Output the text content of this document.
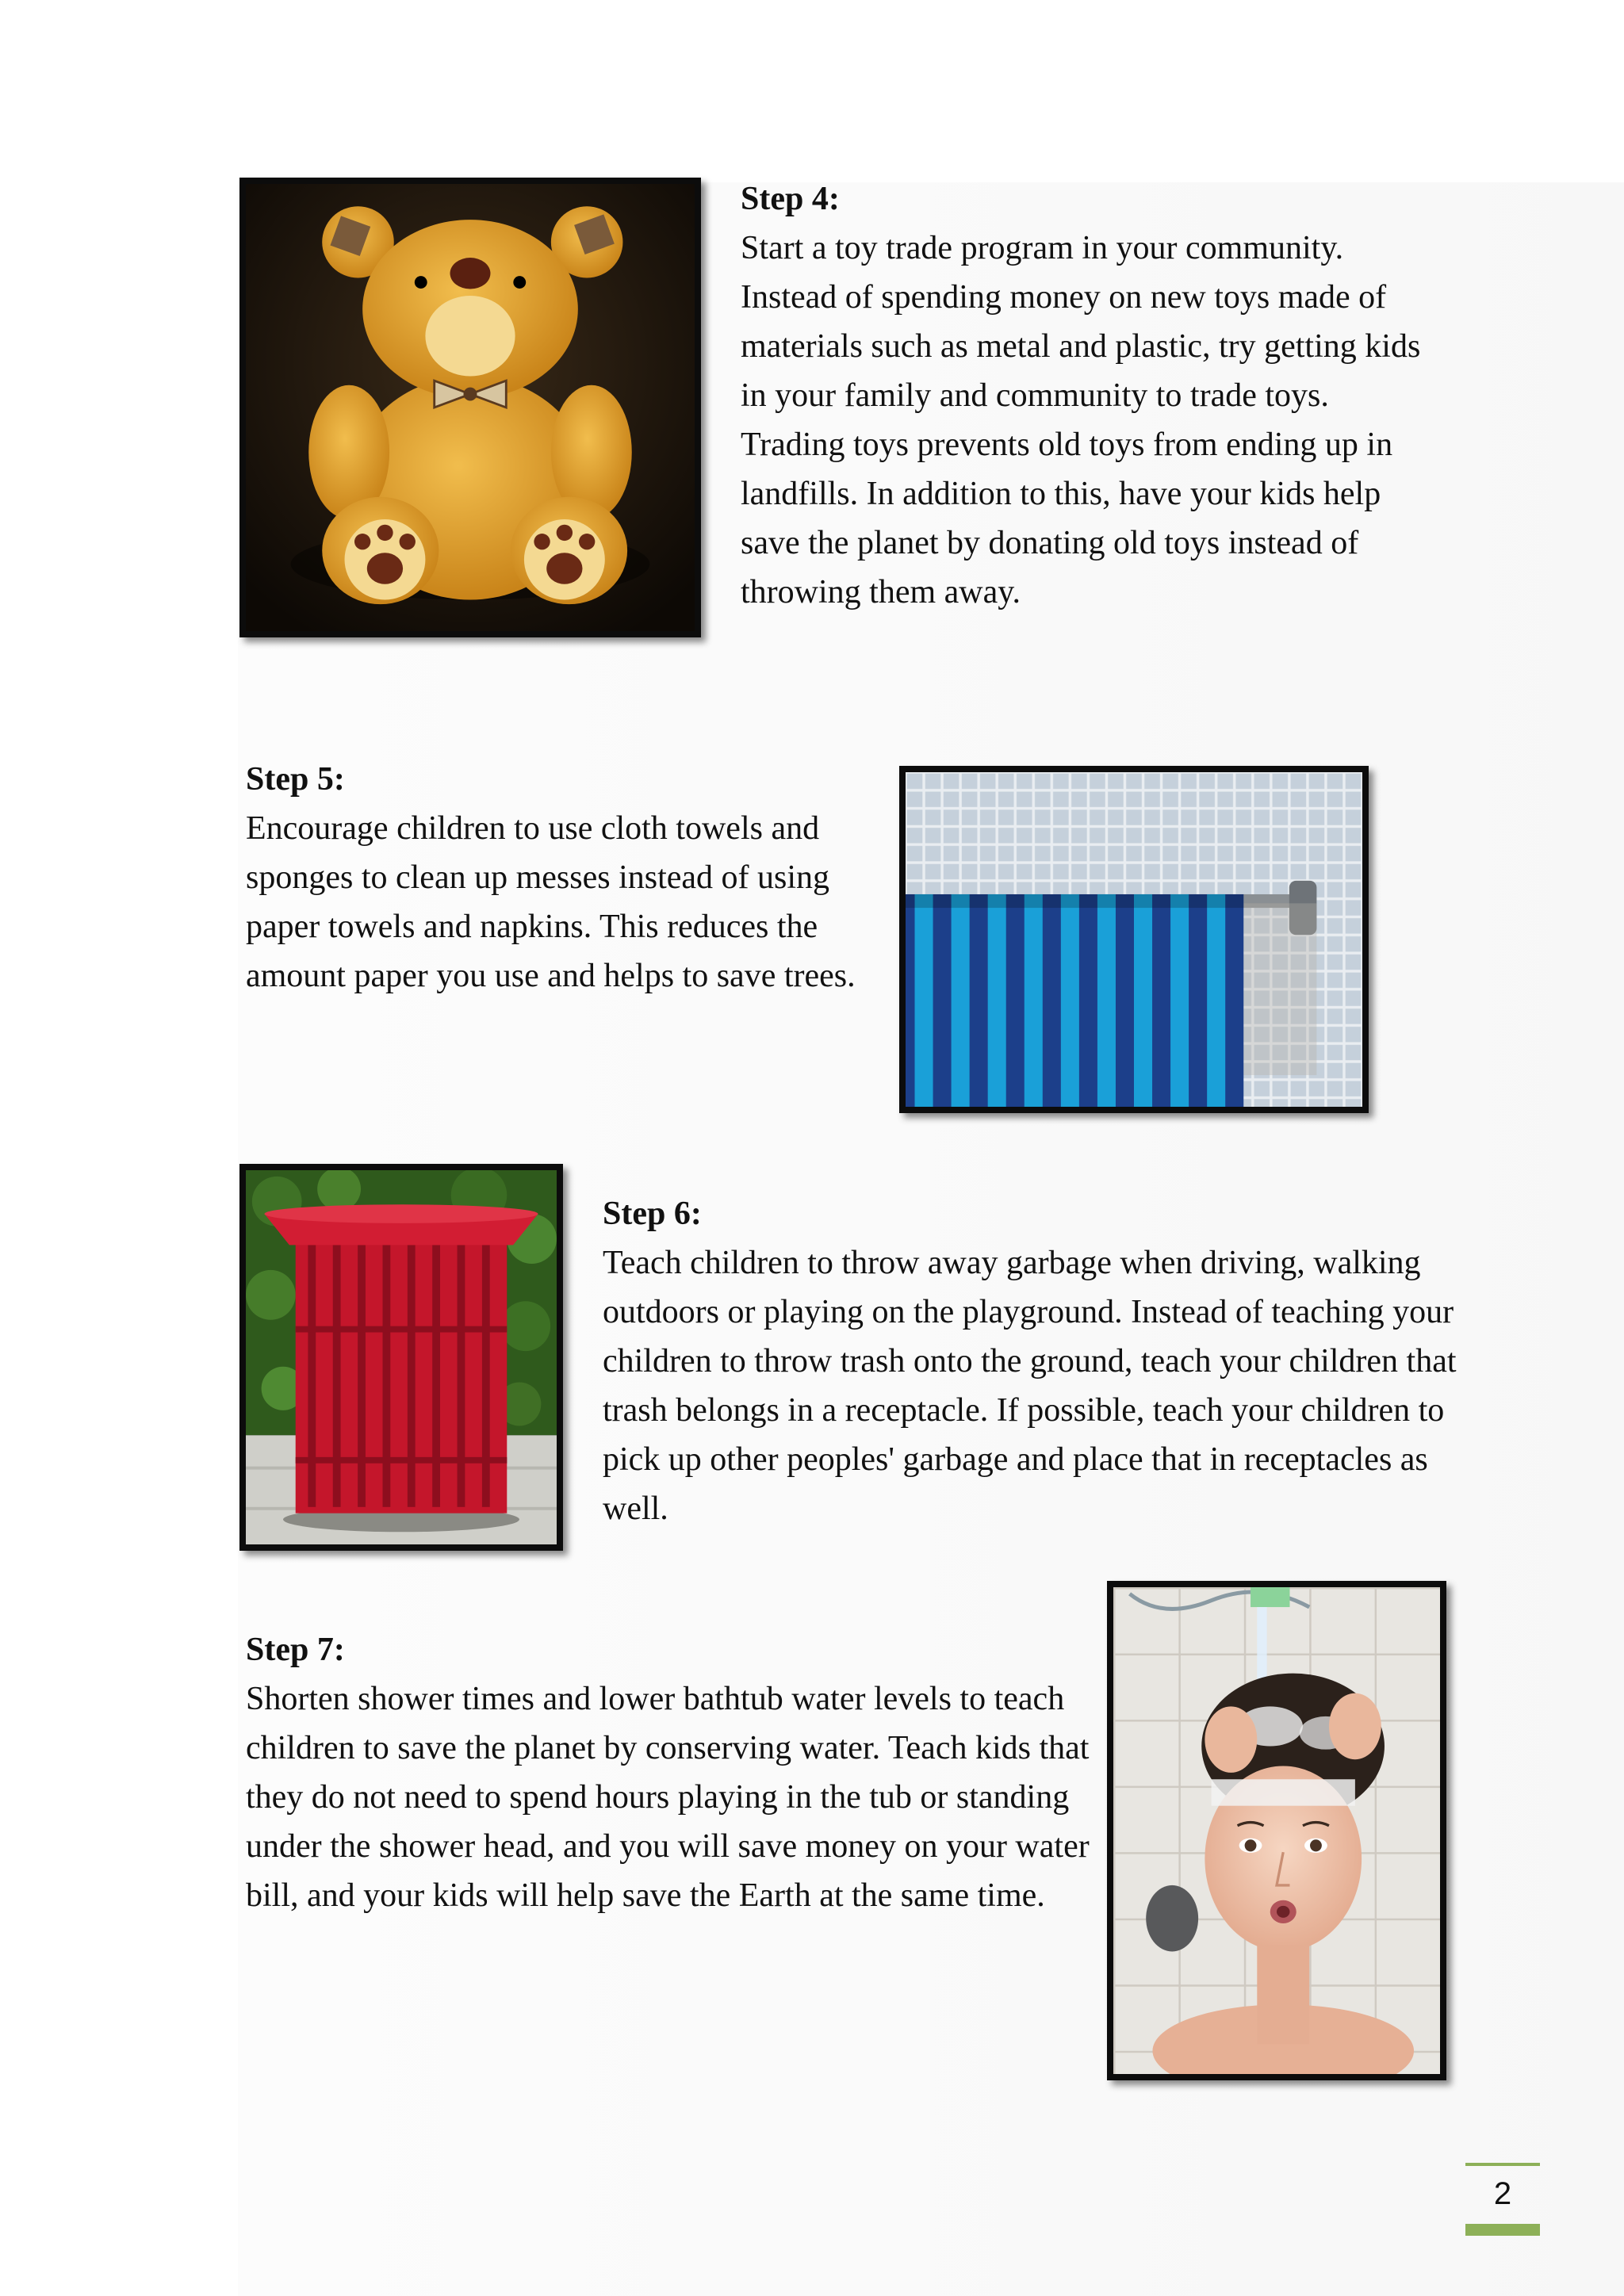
Step 4:
Start a toy trade program in your community. Instead of spending money on new toys made of materials such as metal and plastic, try getting kids in your family and community to trade toys. Trading toys prevents old toys from ending up in landfills. In addition to this, have your kids help save the planet by donating old toys instead of throwing them away.
Step 5:
Encourage children to use cloth towels and sponges to clean up messes instead of using paper towels and napkins. This reduces the amount paper you use and helps to save trees.
Step 6:
Teach children to throw away garbage when driving, walking outdoors or playing on the playground. Instead of teaching your children to throw trash onto the ground, teach your children that trash belongs in a receptacle. If possible, teach your children to pick up other peoples' garbage and place that in receptacles as well.
Step 7:
Shorten shower times and lower bathtub water levels to teach children to save the planet by conserving water. Teach kids that they do not need to spend hours playing in the tub or standing under the shower head, and you will save money on your water bill, and your kids will help save the Earth at the same time.
2
